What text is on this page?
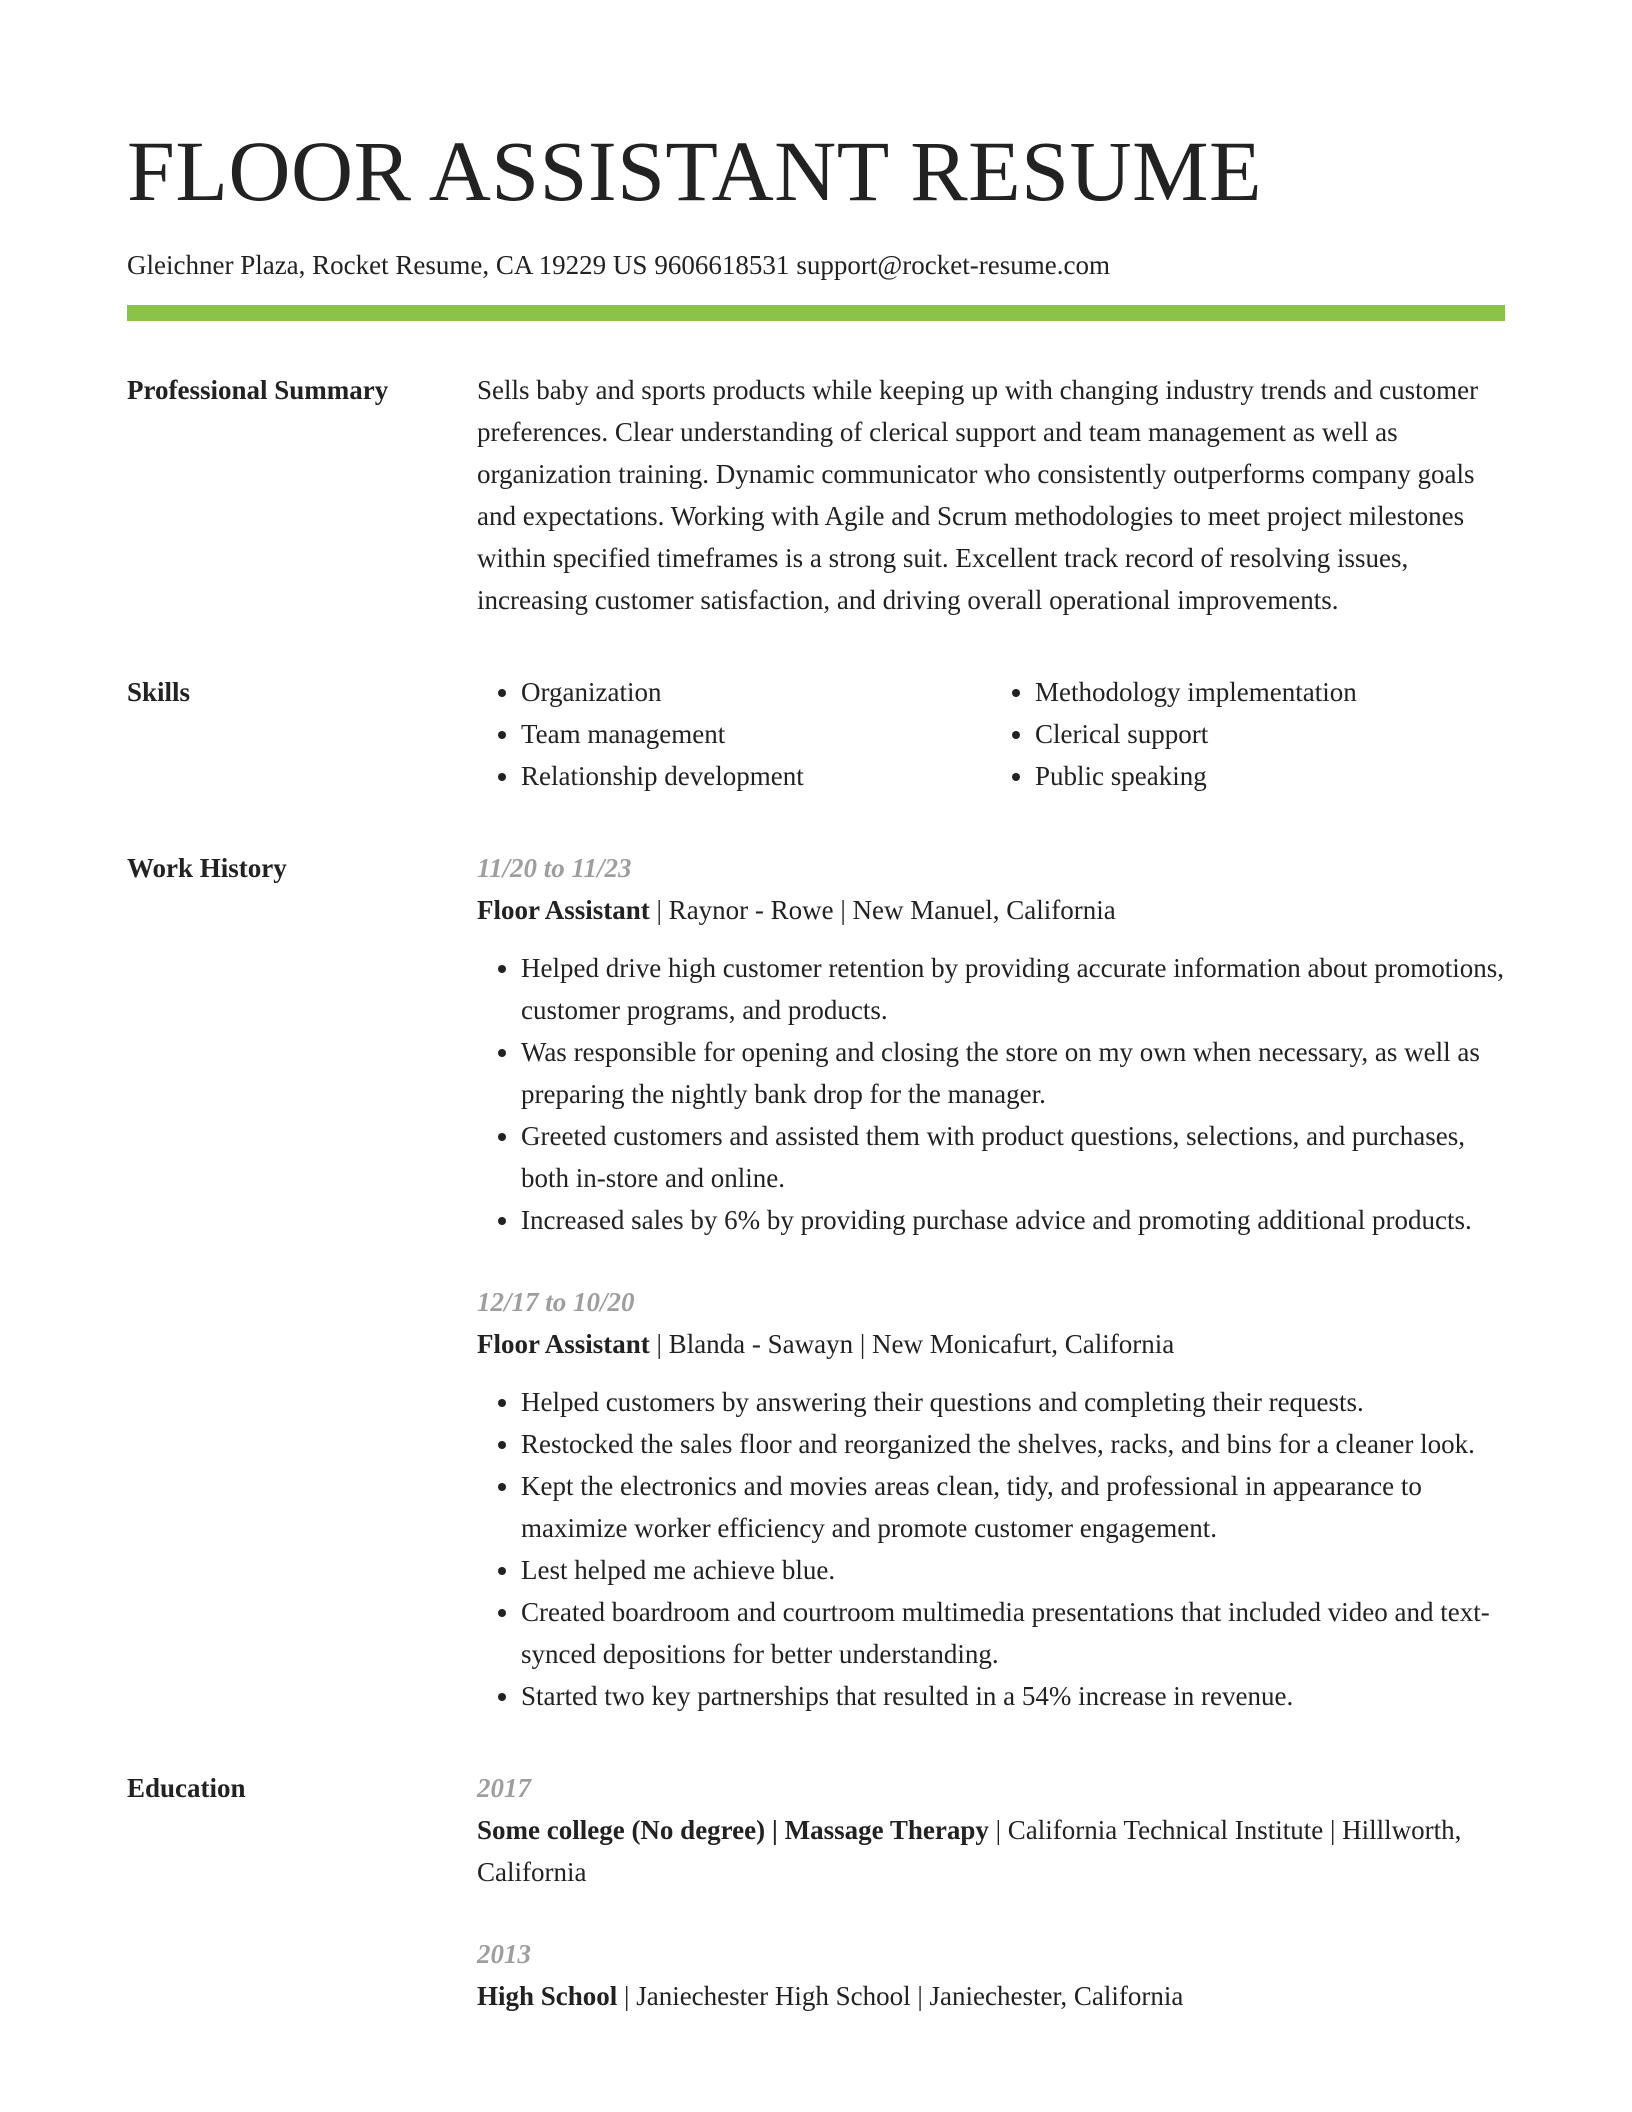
FLOOR ASSISTANT RESUME
Gleichner Plaza, Rocket Resume, CA 19229 US 9606618531 support@rocket-resume.com
Professional Summary	Sells baby and sports products while keeping up with changing industry trends and customer preferences. Clear understanding of clerical support and team management as well as organization training. Dynamic communicator who consistently outperforms company goals and expectations. Working with Agile and Scrum methodologies to meet project milestones within specified timeframes is a strong suit. Excellent track record of resolving issues, increasing customer satisfaction, and driving overall operational improvements.
Skills
•	Organization
• Team management
• Relationship development
• Methodology implementation
• Clerical support
• Public speaking
Work History	11/20 to 11/23
Floor Assistant | Raynor - Rowe | New Manuel, California
• Helped drive high customer retention by providing accurate information about promotions, customer programs, and products.
• Was responsible for opening and closing the store on my own when necessary, as well as preparing the nightly bank drop for the manager.
• Greeted customers and assisted them with product questions, selections, and purchases, both in-store and online.
• Increased sales by 6% by providing purchase advice and promoting additional products.
12/17 to 10/20
Floor Assistant | Blanda - Sawayn | New Monicafurt, California
• Helped customers by answering their questions and completing their requests.
• Restocked the sales floor and reorganized the shelves, racks, and bins for a cleaner look.
• Kept the electronics and movies areas clean, tidy, and professional in appearance to maximize worker efficiency and promote customer engagement.
• Lest helped me achieve blue.
• Created boardroom and courtroom multimedia presentations that included video and text-synced depositions for better understanding.
• Started two key partnerships that resulted in a 54% increase in revenue.
Education	2017
Some college (No degree) | Massage Therapy | California Technical Institute | Hilllworth, California
2013
High School | Janiechester High School | Janiechester, California
